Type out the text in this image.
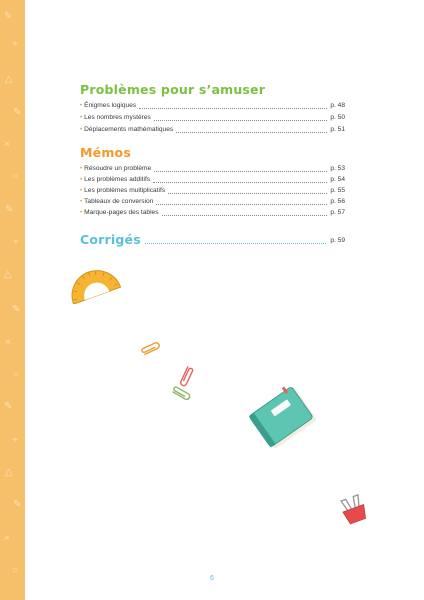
✎
+
△
✎
×
○
✎
+
△
✎
×
○
✎
+
△
✎
×
○
Problèmes pour s’amuser
• Énigmes logiques	p. 48
• Les nombres mystères	p. 50
• Déplacements mathématiques	p. 51
Mémos
• Résoudre un problème	p. 53
• Les problèmes additifs	p. 54
• Les problèmes multiplicatifs	p. 55
• Tableaux de conversion	p. 56
• Marque-pages des tables	p. 57
Corrigés	p. 59
6
